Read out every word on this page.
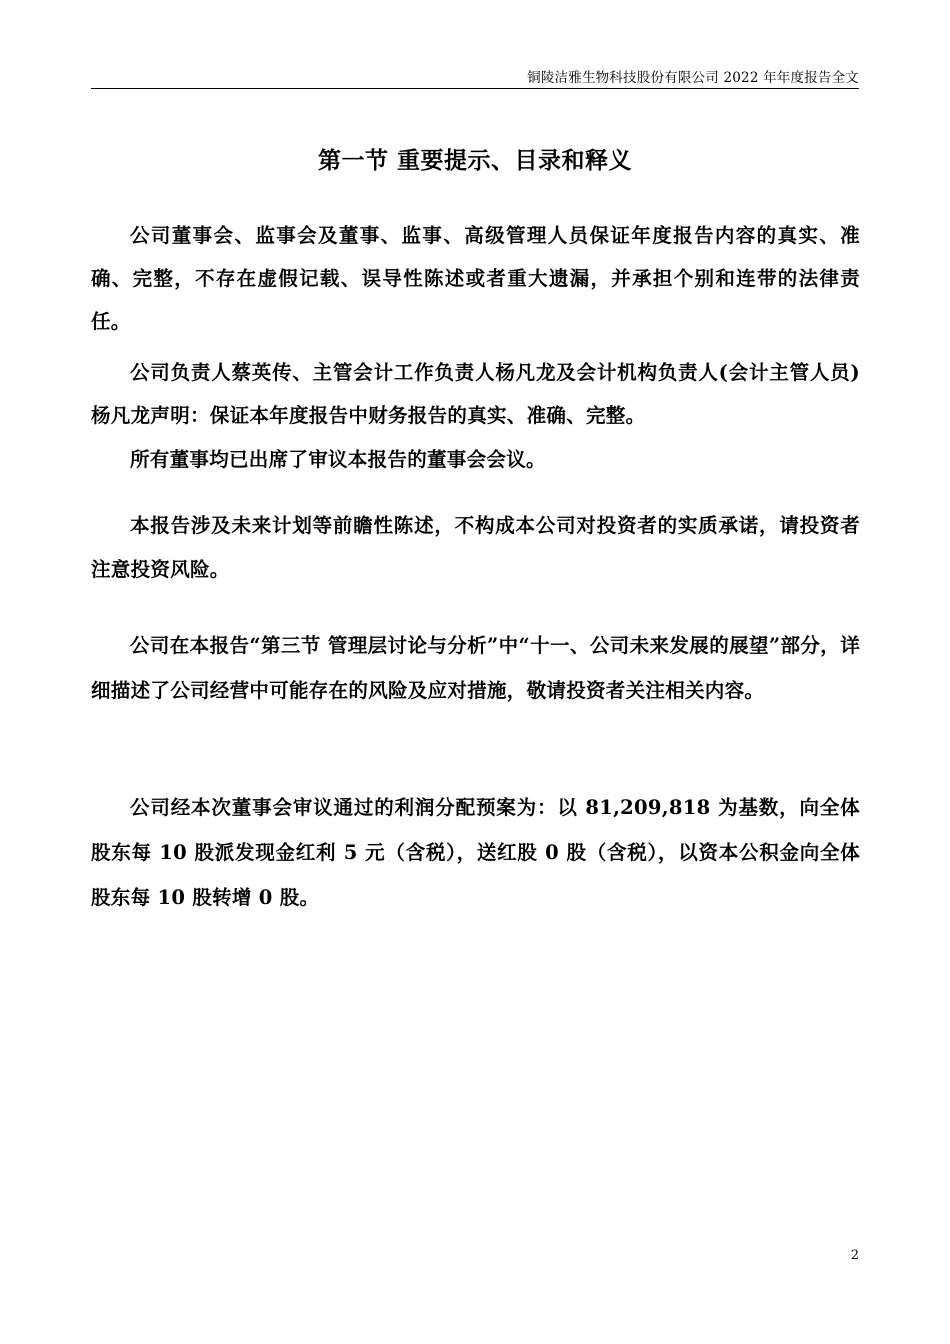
铜陵洁雅生物科技股份有限公司 2022 年年度报告全文
第一节 重要提示、目录和释义

公司董事会、监事会及董事、监事、高级管理人员保证年度报告内容的真实、准确、完整，不存在虚假记载、误导性陈述或者重大遗漏，并承担个别和连带的法律责任。

公司负责人蔡英传、主管会计工作负责人杨凡龙及会计机构负责人(会计主管人员)杨凡龙声明：保证本年度报告中财务报告的真实、准确、完整。

所有董事均已出席了审议本报告的董事会会议。

本报告涉及未来计划等前瞻性陈述，不构成本公司对投资者的实质承诺，请投资者注意投资风险。

公司在本报告“第三节 管理层讨论与分析”中“十一、公司未来发展的展望”部分，详细描述了公司经营中可能存在的风险及应对措施，敬请投资者关注相关内容。

公司经本次董事会审议通过的利润分配预案为：以 81,209,818 为基数，向全体股东每 10 股派发现金红利 5 元（含税），送红股 0 股（含税），以资本公积金向全体股东每 10 股转增 0 股。

2
